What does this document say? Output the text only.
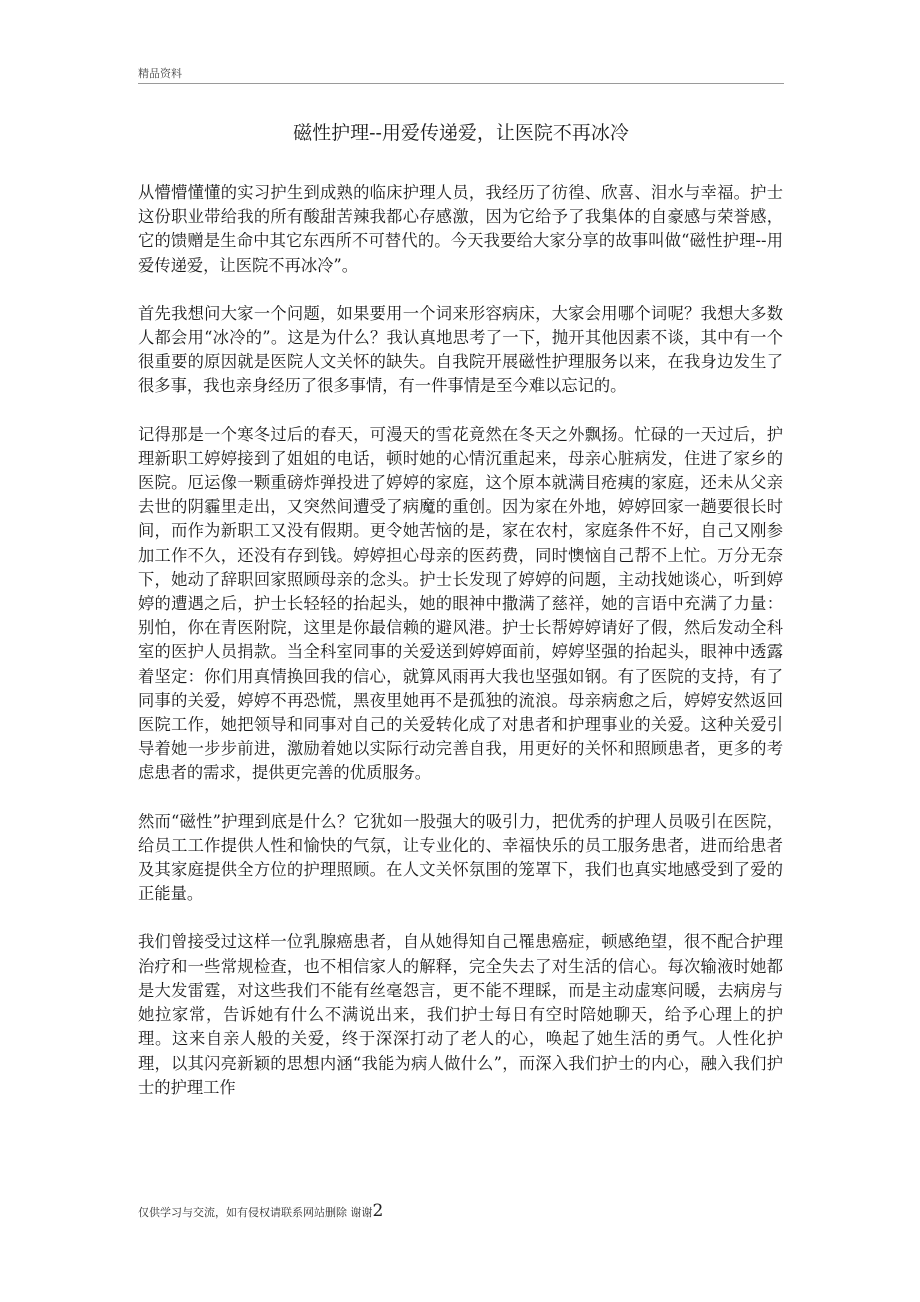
精品资料
磁性护理--用爱传递爱，让医院不再冰冷

从懵懵懂懂的实习护生到成熟的临床护理人员，我经历了彷徨、欣喜、泪水与幸福。护士这份职业带给我的所有酸甜苦辣我都心存感激，因为它给予了我集体的自豪感与荣誉感，它的馈赠是生命中其它东西所不可替代的。今天我要给大家分享的故事叫做“磁性护理--用爱传递爱，让医院不再冰冷”。

首先我想问大家一个问题，如果要用一个词来形容病床，大家会用哪个词呢？我想大多数人都会用“冰冷的”。这是为什么？我认真地思考了一下，抛开其他因素不谈，其中有一个很重要的原因就是医院人文关怀的缺失。自我院开展磁性护理服务以来，在我身边发生了很多事，我也亲身经历了很多事情，有一件事情是至今难以忘记的。

记得那是一个寒冬过后的春天，可漫天的雪花竟然在冬天之外飘扬。忙碌的一天过后，护理新职工婷婷接到了姐姐的电话，顿时她的心情沉重起来，母亲心脏病发，住进了家乡的医院。厄运像一颗重磅炸弹投进了婷婷的家庭，这个原本就满目疮痍的家庭，还未从父亲去世的阴霾里走出，又突然间遭受了病魔的重创。因为家在外地，婷婷回家一趟要很长时间，而作为新职工又没有假期。更令她苦恼的是，家在农村，家庭条件不好，自己又刚参加工作不久，还没有存到钱。婷婷担心母亲的医药费，同时懊恼自己帮不上忙。万分无奈下，她动了辞职回家照顾母亲的念头。护士长发现了婷婷的问题，主动找她谈心，听到婷婷的遭遇之后，护士长轻轻的抬起头，她的眼神中撒满了慈祥，她的言语中充满了力量：别怕，你在青医附院，这里是你最信赖的避风港。护士长帮婷婷请好了假，然后发动全科室的医护人员捐款。当全科室同事的关爱送到婷婷面前，婷婷坚强的抬起头，眼神中透露着坚定：你们用真情换回我的信心，就算风雨再大我也坚强如钢。有了医院的支持，有了同事的关爱，婷婷不再恐慌，黑夜里她再不是孤独的流浪。母亲病愈之后，婷婷安然返回医院工作，她把领导和同事对自己的关爱转化成了对患者和护理事业的关爱。这种关爱引导着她一步步前进，激励着她以实际行动完善自我，用更好的关怀和照顾患者，更多的考虑患者的需求，提供更完善的优质服务。

然而“磁性”护理到底是什么？它犹如一股强大的吸引力，把优秀的护理人员吸引在医院，给员工工作提供人性和愉快的气氛，让专业化的、幸福快乐的员工服务患者，进而给患者及其家庭提供全方位的护理照顾。在人文关怀氛围的笼罩下，我们也真实地感受到了爱的正能量。

我们曾接受过这样一位乳腺癌患者，自从她得知自己罹患癌症，顿感绝望，很不配合护理治疗和一些常规检查，也不相信家人的解释，完全失去了对生活的信心。每次输液时她都是大发雷霆，对这些我们不能有丝毫怨言，更不能不理睬，而是主动虚寒问暖，去病房与她拉家常，告诉她有什么不满说出来，我们护士每日有空时陪她聊天，给予心理上的护理。这来自亲人般的关爱，终于深深打动了老人的心，唤起了她生活的勇气。人性化护理，以其闪亮新颖的思想内涵“我能为病人做什么”，而深入我们护士的内心，融入我们护士的护理工作

仅供学习与交流，如有侵权请联系网站删除 谢谢2
